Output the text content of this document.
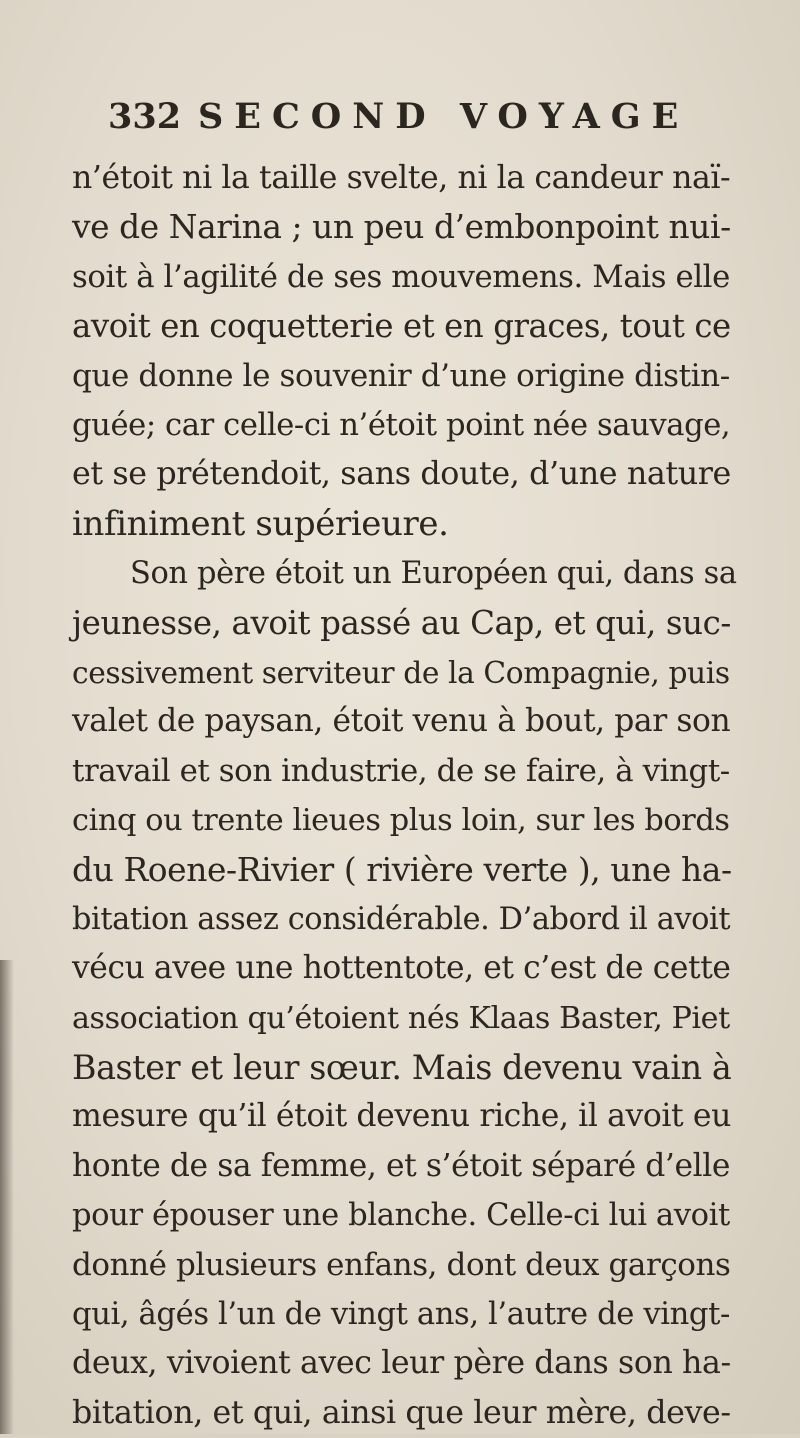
332 SECOND VOYAGE
n’étoit ni la taille svelte, ni la candeur naï-
ve de Narina ; un peu d’embonpoint nui-
soit à l’agilité de ses mouvemens. Mais elle
avoit en coquetterie et en graces, tout ce
que donne le souvenir d’une origine distin-
guée; car celle-ci n’étoit point née sauvage,
et se prétendoit, sans doute, d’une nature
infiniment supérieure.
Son père étoit un Européen qui, dans sa
jeunesse, avoit passé au Cap, et qui, suc-
cessivement serviteur de la Compagnie, puis
valet de paysan, étoit venu à bout, par son
travail et son industrie, de se faire, à vingt-
cinq ou trente lieues plus loin, sur les bords
du Roene-Rivier ( rivière verte ), une ha-
bitation assez considérable. D’abord il avoit
vécu avee une hottentote, et c’est de cette
association qu’étoient nés Klaas Baster, Piet
Baster et leur sœur. Mais devenu vain à
mesure qu’il étoit devenu riche, il avoit eu
honte de sa femme, et s’étoit séparé d’elle
pour épouser une blanche. Celle-ci lui avoit
donné plusieurs enfans, dont deux garçons
qui, âgés l’un de vingt ans, l’autre de vingt-
deux, vivoient avec leur père dans son ha-
bitation, et qui, ainsi que leur mère, deve-
